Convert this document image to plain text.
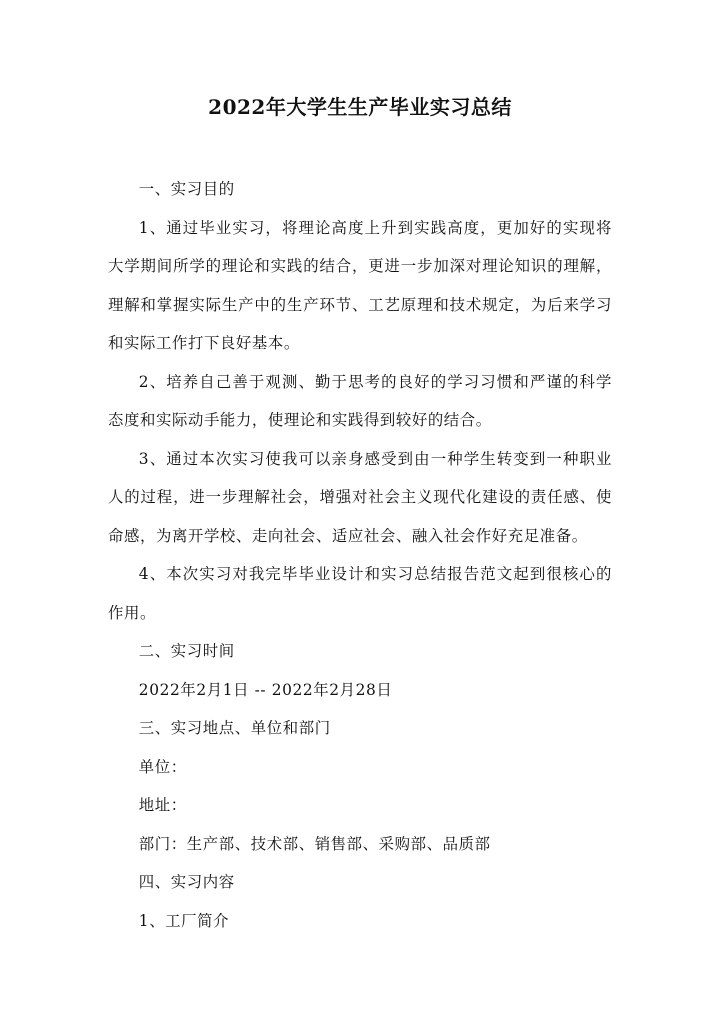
2022年大学生生产毕业实习总结

一、实习目的

1、通过毕业实习，将理论高度上升到实践高度，更加好的实现将大学期间所学的理论和实践的结合，更进一步加深对理论知识的理解，理解和掌握实际生产中的生产环节、工艺原理和技术规定，为后来学习和实际工作打下良好基本。

2、培养自己善于观测、勤于思考的良好的学习习惯和严谨的科学态度和实际动手能力，使理论和实践得到较好的结合。

3、通过本次实习使我可以亲身感受到由一种学生转变到一种职业人的过程，进一步理解社会，增强对社会主义现代化建设的责任感、使命感，为离开学校、走向社会、适应社会、融入社会作好充足准备。

4、本次实习对我完毕毕业设计和实习总结报告范文起到很核心的作用。

二、实习时间

2022年2月1日 -- 2022年2月28日

三、实习地点、单位和部门

单位：

地址：

部门：生产部、技术部、销售部、采购部、品质部

四、实习内容

1、工厂简介
